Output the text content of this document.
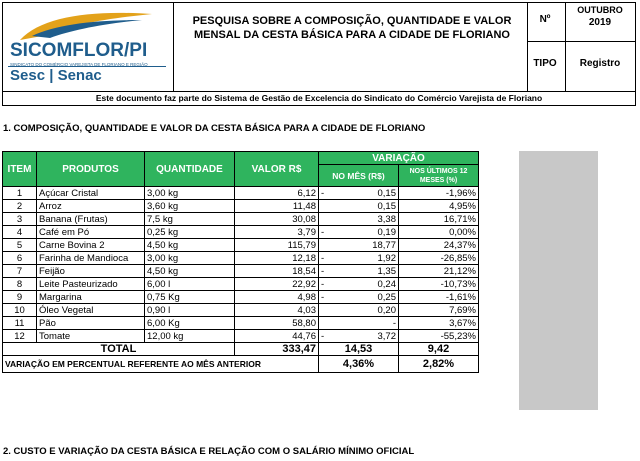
SICOMFLOR/PI
SINDICATO DO COMÉRCIO VAREJISTA DE FLORIANO E REGIÃO
Sesc | Senac
PESQUISA SOBRE A COMPOSIÇÃO, QUANTIDADE E VALOR MENSAL DA CESTA BÁSICA PARA A CIDADE DE FLORIANO
Nº
OUTUBRO
2019
TIPO	Registro
Este documento faz parte do Sistema de Gestão de Excelencia do Sindicato do Comércio Varejista de Floriano
1. COMPOSIÇÃO, QUANTIDADE E VALOR DA CESTA BÁSICA PARA A CIDADE DE FLORIANO
ITEM	PRODUTOS	QUANTIDADE	VALOR R$	VARIAÇÃO	
				NO MÊS (R$)	NOS ÚLTIMOS 12 MESES (%)
1	Açúcar Cristal	3,00 kg	6,12	- 0,15	-1,96%
2	Arroz	3,60 kg	11,48	0,15	4,95%
3	Banana (Frutas)	7,5 kg	30,08	3,38	16,71%
4	Café em Pó	0,25 kg	3,79	- 0,19	0,00%
5	Carne Bovina 2	4,50 kg	115,79	18,77	24,37%
6	Farinha de Mandioca	3,00 kg	12,18	- 1,92	-26,85%
7	Feijão	4,50 kg	18,54	- 1,35	21,12%
8	Leite Pasteurizado	6,00 l	22,92	- 0,24	-10,73%
9	Margarina	0,75 Kg	4,98	- 0,25	-1,61%
10	Óleo Vegetal	0,90 l	4,03	0,20	7,69%
11	Pão	6,00 Kg	58,80	-	3,67%
12	Tomate	12,00 kg	44,76	- 3,72	-55,23%
TOTAL			333,47	14,53	9,42
VARIAÇÃO EM PERCENTUAL REFERENTE AO MÊS ANTERIOR				4,36%	2,82%
2. CUSTO E VARIAÇÃO DA CESTA BÁSICA E RELAÇÃO COM O SALÁRIO MÍNIMO OFICIAL
